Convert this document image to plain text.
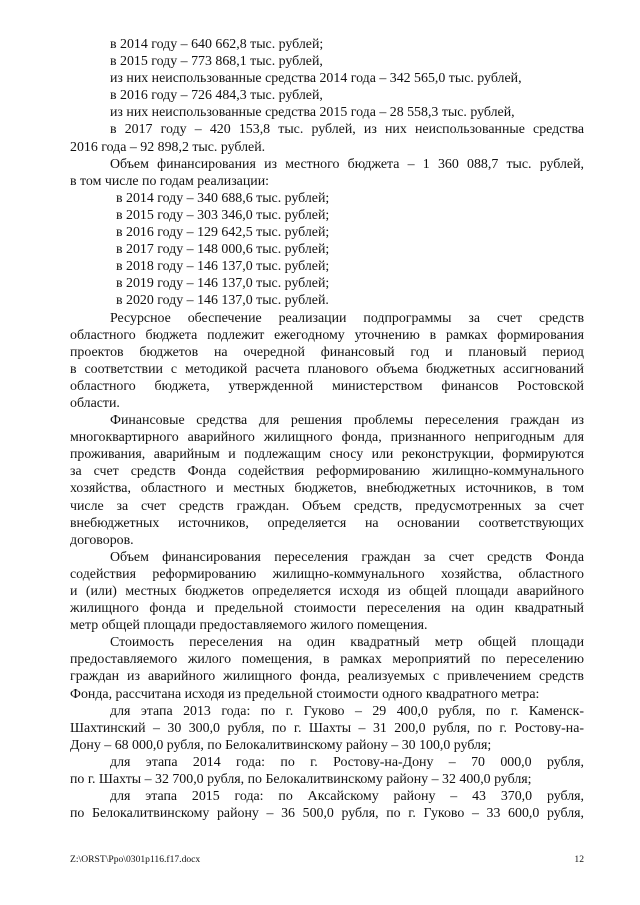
в 2014 году – 640 662,8 тыс. рублей;
в 2015 году – 773 868,1 тыс. рублей,
из них неиспользованные средства 2014 года – 342 565,0 тыс. рублей,
в 2016 году – 726 484,3 тыс. рублей,
из них неиспользованные средства 2015 года – 28 558,3 тыс. рублей,
в 2017 году – 420 153,8 тыс. рублей, из них неиспользованные средства
2016 года – 92 898,2 тыс. рублей.
Объем финансирования из местного бюджета – 1 360 088,7 тыс. рублей,
в том числе по годам реализации:
в 2014 году – 340 688,6 тыс. рублей;
в 2015 году – 303 346,0 тыс. рублей;
в 2016 году – 129 642,5 тыс. рублей;
в 2017 году – 148 000,6 тыс. рублей;
в 2018 году – 146 137,0 тыс. рублей;
в 2019 году – 146 137,0 тыс. рублей;
в 2020 году – 146 137,0 тыс. рублей.
Ресурсное обеспечение реализации подпрограммы за счет средств
областного бюджета подлежит ежегодному уточнению в рамках формирования
проектов бюджетов на очередной финансовый год и плановый период
в соответствии с методикой расчета планового объема бюджетных ассигнований
областного бюджета, утвержденной министерством финансов Ростовской
области.
Финансовые средства для решения проблемы переселения граждан из
многоквартирного аварийного жилищного фонда, признанного непригодным для
проживания, аварийным и подлежащим сносу или реконструкции, формируются
за счет средств Фонда содействия реформированию жилищно-коммунального
хозяйства, областного и местных бюджетов, внебюджетных источников, в том
числе за счет средств граждан. Объем средств, предусмотренных за счет
внебюджетных источников, определяется на основании соответствующих
договоров.
Объем финансирования переселения граждан за счет средств Фонда
содействия реформированию жилищно-коммунального хозяйства, областного
и (или) местных бюджетов определяется исходя из общей площади аварийного
жилищного фонда и предельной стоимости переселения на один квадратный
метр общей площади предоставляемого жилого помещения.
Стоимость переселения на один квадратный метр общей площади
предоставляемого жилого помещения, в рамках мероприятий по переселению
граждан из аварийного жилищного фонда, реализуемых с привлечением средств
Фонда, рассчитана исходя из предельной стоимости одного квадратного метра:
для этапа 2013 года: по г. Гуково – 29 400,0 рубля, по г. Каменск-
Шахтинский – 30 300,0 рубля, по г. Шахты – 31 200,0 рубля, по г. Ростову-на-
Дону – 68 000,0 рубля, по Белокалитвинскому району – 30 100,0 рубля;
для этапа 2014 года: по г. Ростову-на-Дону – 70 000,0 рубля,
по г. Шахты – 32 700,0 рубля, по Белокалитвинскому району – 32 400,0 рубля;
для этапа 2015 года: по Аксайскому району – 43 370,0 рубля,
по Белокалитвинскому району – 36 500,0 рубля, по г. Гуково – 33 600,0 рубля,
Z:\ORST\Ppo\0301p116.f17.docx	12
